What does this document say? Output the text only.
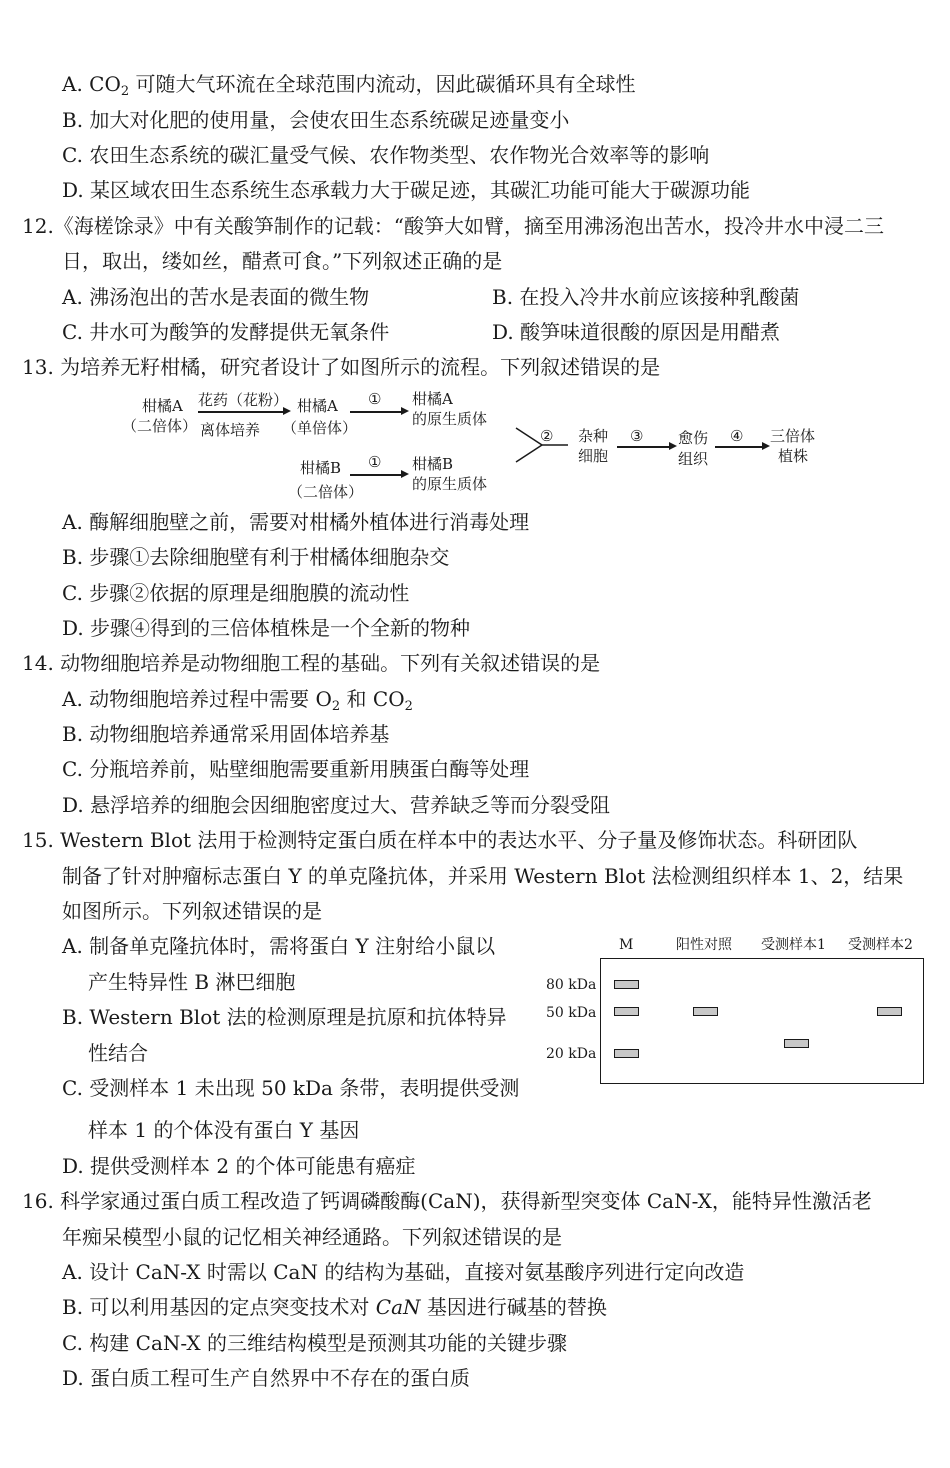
A. $CO_2$ 可随大气环流在全球范围内流动，因此碳循环具有全球性
B. 加大对化肥的使用量，会使农田生态系统碳足迹量变小
C. 农田生态系统的碳汇量受气候、农作物类型、农作物光合效率等的影响
D. 某区域农田生态系统生态承载力大于碳足迹，其碳汇功能可能大于碳源功能
12.《海槎馀录》中有关酸笋制作的记载：“酸笋大如臂，摘至用沸汤泡出苦水，投冷井水中浸二三
日，取出，缕如丝，醋煮可食。”下列叙述正确的是
A. 沸汤泡出的苦水是表面的微生物	B. 在投入冷井水前应该接种乳酸菌
C. 井水可为酸笋的发酵提供无氧条件	D. 酸笋味道很酸的原因是用醋煮
13. 为培养无籽柑橘，研究者设计了如图所示的流程。下列叙述错误的是
柑橘A
（二倍体）
花药（花粉）
离体培养
柑橘A
（单倍体）
① 柑橘A
的原生质体
柑橘B
（二倍体）
① 柑橘B
的原生质体
② 杂种
细胞
③ 愈伤
组织
④ 三倍体
植株
A. 酶解细胞壁之前，需要对柑橘外植体进行消毒处理
B. 步骤①去除细胞壁有利于柑橘体细胞杂交
C. 步骤②依据的原理是细胞膜的流动性
D. 步骤④得到的三倍体植株是一个全新的物种
14. 动物细胞培养是动物细胞工程的基础。下列有关叙述错误的是
A. 动物细胞培养过程中需要 $O_2$ 和 $CO_2$
B. 动物细胞培养通常采用固体培养基
C. 分瓶培养前，贴壁细胞需要重新用胰蛋白酶等处理
D. 悬浮培养的细胞会因细胞密度过大、营养缺乏等而分裂受阻
15. Western Blot 法用于检测特定蛋白质在样本中的表达水平、分子量及修饰状态。科研团队
制备了针对肿瘤标志蛋白 Y 的单克隆抗体，并采用 Western Blot 法检测组织样本 1、2，结果
如图所示。下列叙述错误的是
A. 制备单克隆抗体时，需将蛋白 Y 注射给小鼠以
产生特异性 B 淋巴细胞
B. Western Blot 法的检测原理是抗原和抗体特异
性结合
C. 受测样本 1 未出现 50 kDa 条带，表明提供受测
样本 1 的个体没有蛋白 Y 基因
D. 提供受测样本 2 的个体可能患有癌症
M	阳性对照 受测样本1 受测样本2
80 kDa
50 kDa
20 kDa
16. 科学家通过蛋白质工程改造了钙调磷酸酶(CaN)，获得新型突变体 CaN-X，能特异性激活老
年痴呆模型小鼠的记忆相关神经通路。下列叙述错误的是
A. 设计 CaN-X 时需以 CaN 的结构为基础，直接对氨基酸序列进行定向改造
B. 可以利用基因的定点突变技术对 CaN 基因进行碱基的替换
C. 构建 CaN-X 的三维结构模型是预测其功能的关键步骤
D. 蛋白质工程可生产自然界中不存在的蛋白质
